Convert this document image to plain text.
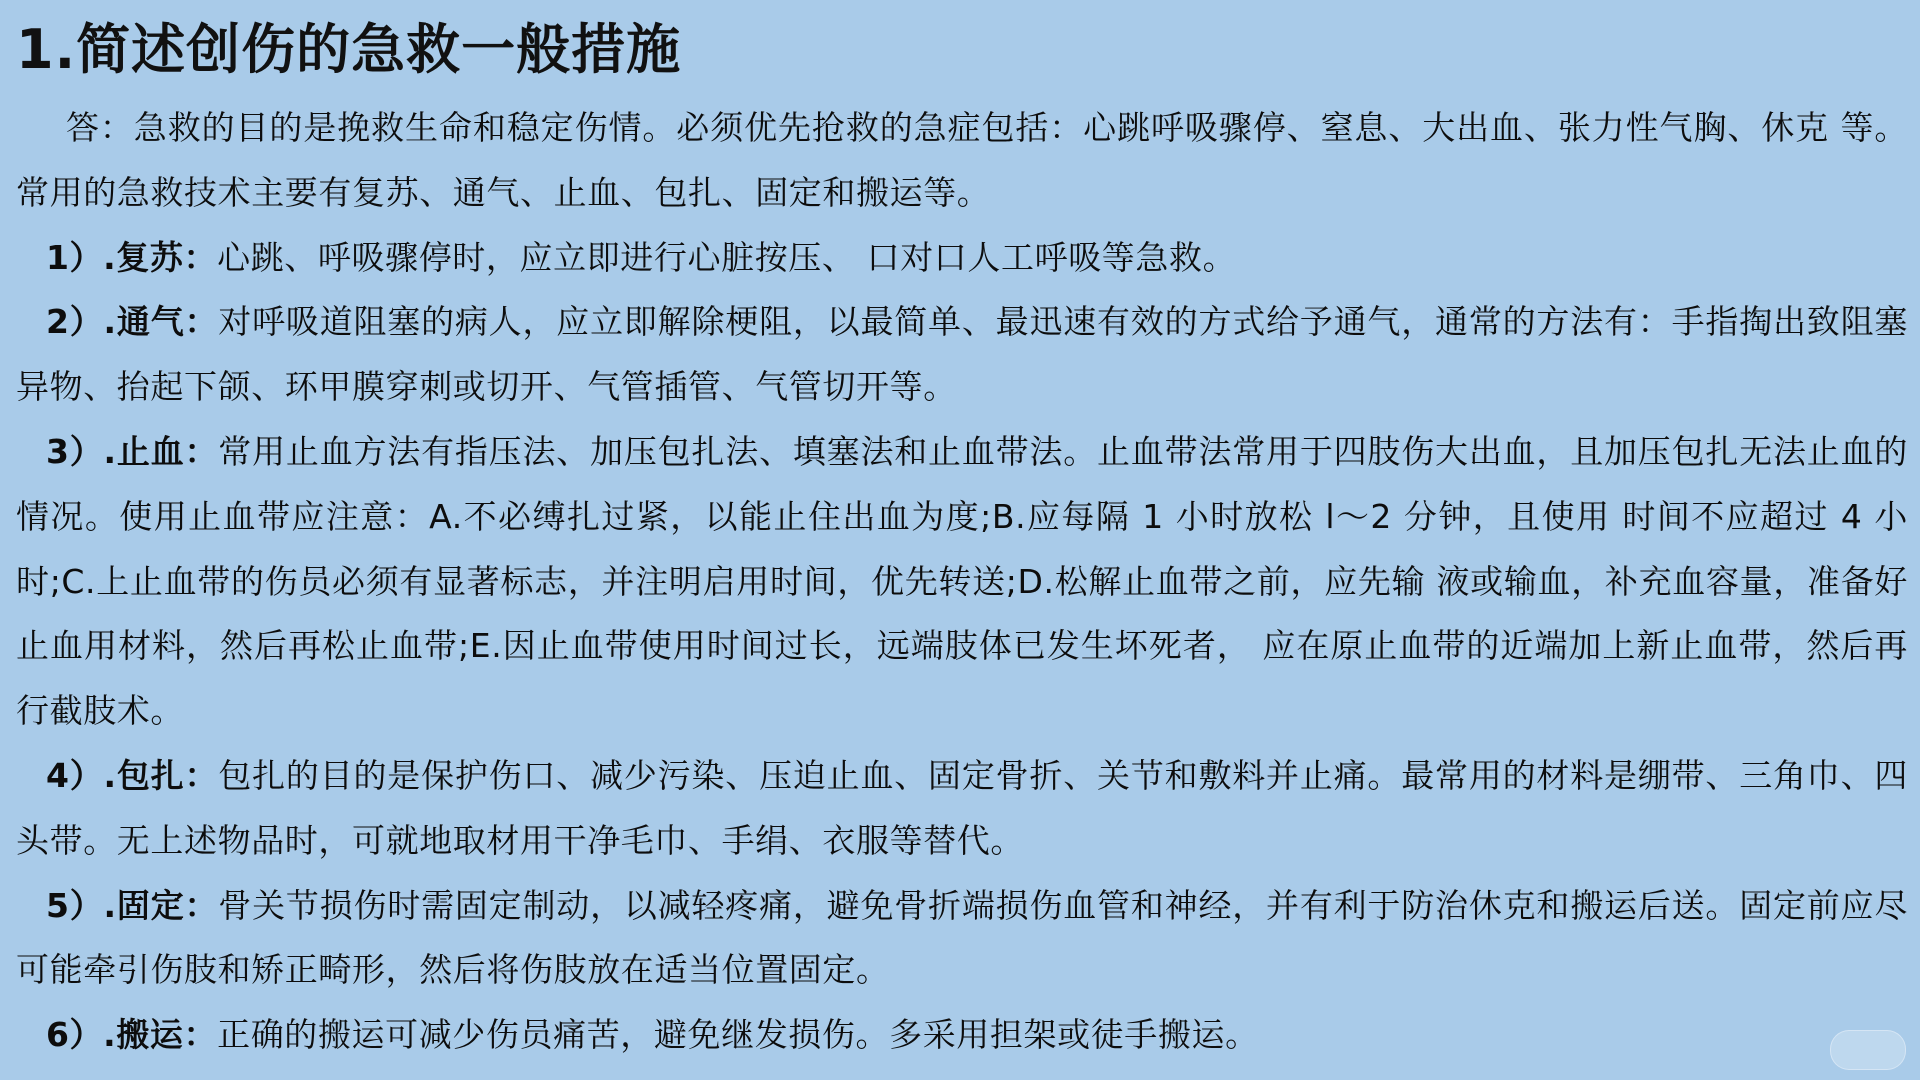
1.简述创伤的急救一般措施

答：急救的目的是挽救生命和稳定伤情。必须优先抢救的急症包括：心跳呼吸骤停、窒息、大出血、张力性气胸、休克 等。常用的急救技术主要有复苏、通气、止血、包扎、固定和搬运等。

1）.复苏：心跳、呼吸骤停时，应立即进行心脏按压、 口对口人工呼吸等急救。

2）.通气：对呼吸道阻塞的病人，应立即解除梗阻，以最简单、最迅速有效的方式给予通气，通常的方法有：手指掏出致阻塞异物、抬起下颌、环甲膜穿刺或切开、气管插管、气管切开等。

3）.止血：常用止血方法有指压法、加压包扎法、填塞法和止血带法。止血带法常用于四肢伤大出血，且加压包扎无法止血的情况。使用止血带应注意：A.不必缚扎过紧，以能止住出血为度;B.应每隔 1 小时放松 l～2 分钟，且使用 时间不应超过 4 小时;C.上止血带的伤员必须有显著标志，并注明启用时间，优先转送;D.松解止血带之前，应先输 液或输血，补充血容量，准备好止血用材料，然后再松止血带;E.因止血带使用时间过长，远端肢体已发生坏死者， 应在原止血带的近端加上新止血带，然后再行截肢术。

4）.包扎：包扎的目的是保护伤口、减少污染、压迫止血、固定骨折、关节和敷料并止痛。最常用的材料是绷带、三角巾、四头带。无上述物品时，可就地取材用干净毛巾、手绢、衣服等替代。

5）.固定：骨关节损伤时需固定制动，以减轻疼痛，避免骨折端损伤血管和神经，并有利于防治休克和搬运后送。固定前应尽可能牵引伤肢和矫正畸形，然后将伤肢放在适当位置固定。

6）.搬运：正确的搬运可减少伤员痛苦，避免继发损伤。多采用担架或徒手搬运。
